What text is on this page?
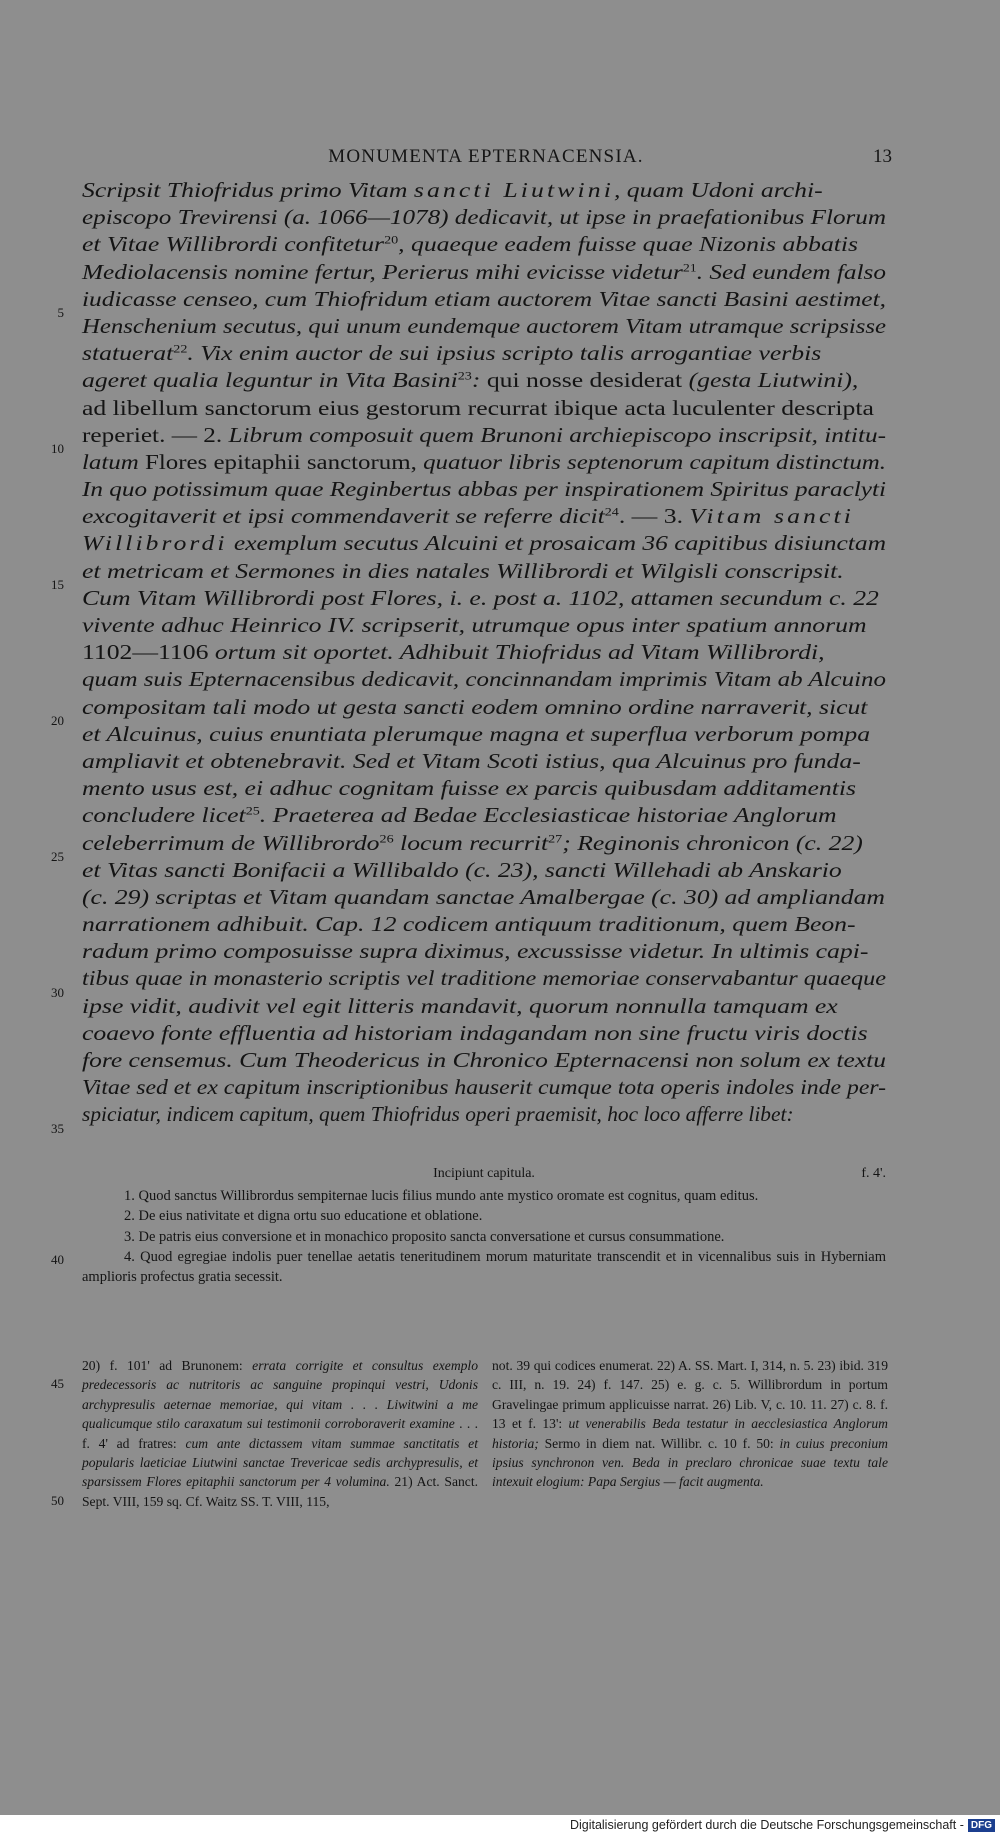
MONUMENTA EPTERNACENSIA.	13
Scripsit Thiofridus primo Vitam sancti Liutwini, quam Udoni archi-
episcopo Trevirensi (a. 1066—1078) dedicavit, ut ipse in praefationibus Florum
et Vitae Willibrordi confitetur$^{20}$, quaeque eadem fuisse quae Nizonis abbatis
Mediolacensis nomine fertur, Perierus mihi evicisse videtur$^{21}$. Sed eundem falso
iudicasse censeo, cum Thiofridum etiam auctorem Vitae sancti Basini aestimet,
Henschenium secutus, qui unum eundemque auctorem Vitam utramque scripsisse
statuerat$^{22}$. Vix enim auctor de sui ipsius scripto talis arrogantiae verbis
ageret qualia leguntur in Vita Basini$^{23}$: qui nosse desiderat (gesta Liutwini),
ad libellum sanctorum eius gestorum recurrat ibique acta luculenter descripta
reperiet. — 2. Librum composuit quem Brunoni archiepiscopo inscripsit, intitu-
latum Flores epitaphii sanctorum, quatuor libris septenorum capitum distinctum.
In quo potissimum quae Reginbertus abbas per inspirationem Spiritus paraclyti
excogitaverit et ipsi commendaverit se referre dicit$^{24}$. — 3. Vitam sancti
Willibrordi exemplum secutus Alcuini et prosaicam 36 capitibus disiunctam
et metricam et Sermones in dies natales Willibrordi et Wilgisli conscripsit.
Cum Vitam Willibrordi post Flores, i. e. post a. 1102, attamen secundum c. 22
vivente adhuc Heinrico IV. scripserit, utrumque opus inter spatium annorum
1102—1106 ortum sit oportet. Adhibuit Thiofridus ad Vitam Willibrordi,
quam suis Epternacensibus dedicavit, concinnandam imprimis Vitam ab Alcuino
compositam tali modo ut gesta sancti eodem omnino ordine narraverit, sicut
et Alcuinus, cuius enuntiata plerumque magna et superflua verborum pompa
ampliavit et obtenebravit. Sed et Vitam Scoti istius, qua Alcuinus pro funda-
mento usus est, ei adhuc cognitam fuisse ex parcis quibusdam additamentis
concludere licet$^{25}$. Praeterea ad Bedae Ecclesiasticae historiae Anglorum
celeberrimum de Willibrordo$^{26}$ locum recurrit$^{27}$; Reginonis chronicon (c. 22)
et Vitas sancti Bonifacii a Willibaldo (c. 23), sancti Willehadi ab Anskario
(c. 29) scriptas et Vitam quandam sanctae Amalbergae (c. 30) ad ampliandam
narrationem adhibuit. Cap. 12 codicem antiquum traditionum, quem Beon-
radum primo composuisse supra diximus, excussisse videtur. In ultimis capi-
tibus quae in monasterio scriptis vel traditione memoriae conservabantur quaeque
ipse vidit, audivit vel egit litteris mandavit, quorum nonnulla tamquam ex
coaevo fonte effluentia ad historiam indagandam non sine fructu viris doctis
fore censemus. Cum Theodericus in Chronico Epternacensi non solum ex textu
Vitae sed et ex capitum inscriptionibus hauserit cumque tota operis indoles inde per-
spiciatur, indicem capitum, quem Thiofridus operi praemisit, hoc loco afferre libet:
5
10
15
20
25
30
35
40
45
50
Incipiunt capitula.	f. 4'.

1. Quod sanctus Willibrordus sempiternae lucis filius mundo ante mystico oromate est cognitus, quam editus.

2. De eius nativitate et digna ortu suo educatione et oblatione.

3. De patris eius conversione et in monachico proposito sancta conversatione et cursus consummatione.

4. Quod egregiae indolis puer tenellae aetatis teneritudinem morum maturitate transcendit et in vicennalibus suis in Hyberniam amplioris profectus gratia secessit.

20) f. 101' ad Brunonem: errata corrigite et consultus exemplo predecessoris ac nutritoris ac sanguine propinqui vestri, Udonis archypresulis aeternae memoriae, qui vitam . . . Liwitwini a me qualicumque stilo caraxatum sui testimonii corroboraverit examine . . . f. 4' ad fratres: cum ante dictassem vitam summae sanctitatis et popularis laeticiae Liutwini sanctae Trevericae sedis archypresulis, et sparsissem Flores epitaphii sanctorum per 4 volumina. 21) Act. Sanct. Sept. VIII, 159 sq. Cf. Waitz SS. T. VIII, 115,
not. 39 qui codices enumerat. 22) A. SS. Mart. I, 314, n. 5. 23) ibid. 319 c. III, n. 19. 24) f. 147. 25) e. g. c. 5. Willibrordum in portum Gravelingae primum applicuisse narrat. 26) Lib. V, c. 10. 11. 27) c. 8. f. 13 et f. 13': ut venerabilis Beda testatur in aecclesiastica Anglorum historia; Sermo in diem nat. Willibr. c. 10 f. 50: in cuius preconium ipsius synchronon ven. Beda in preclaro chronicae suae textu tale intexuit elogium: Papa Sergius — facit augmenta.
Digitalisierung gefördert durch die Deutsche Forschungsgemeinschaft - DFG
